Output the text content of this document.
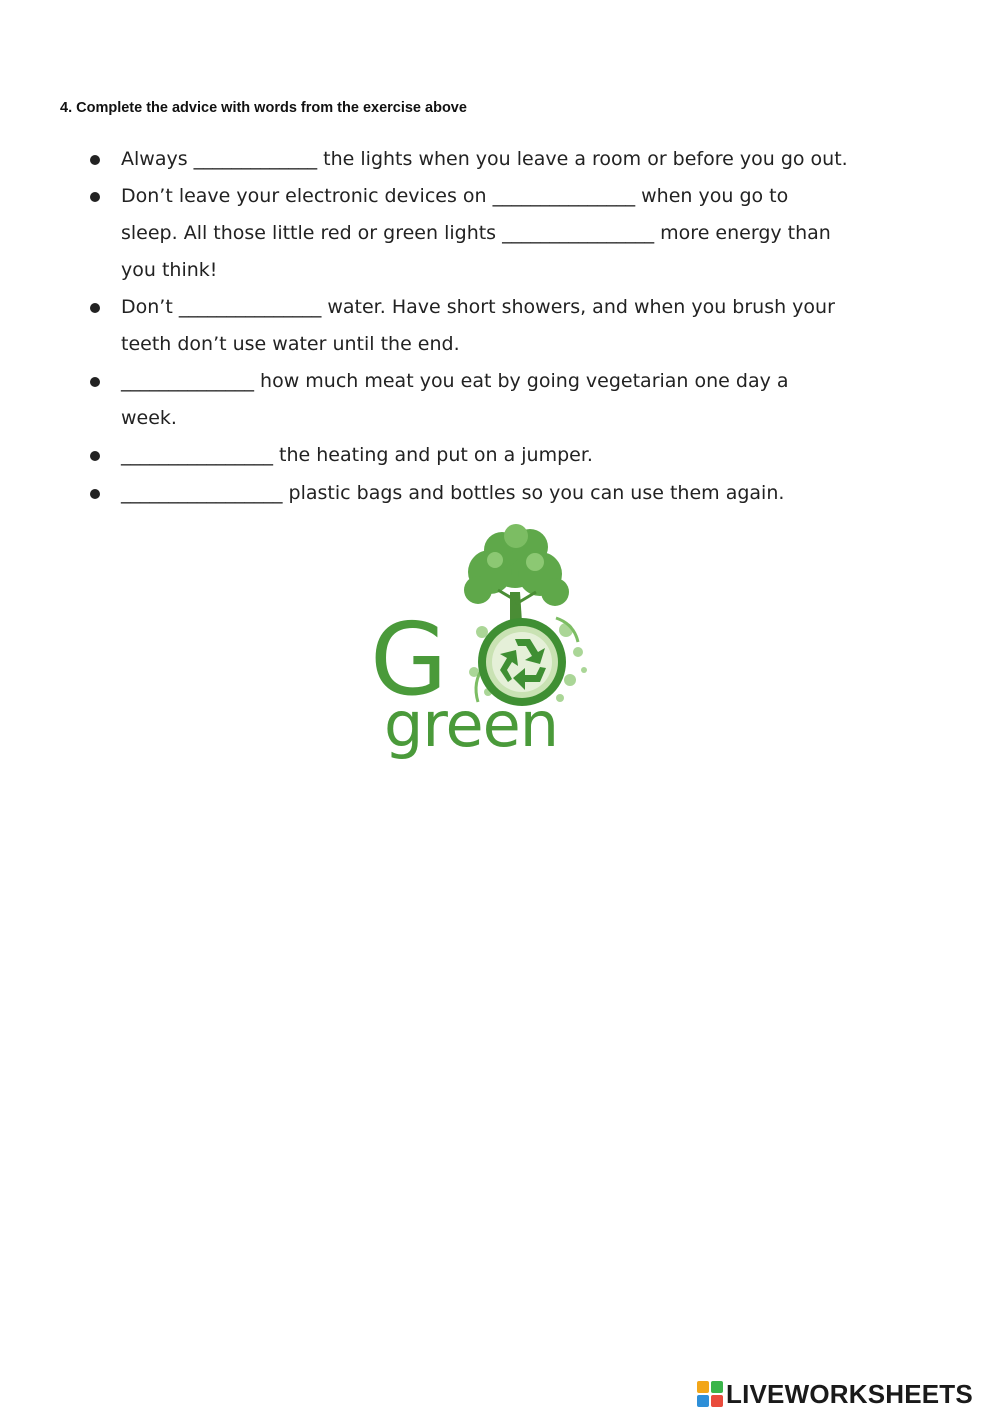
4. Complete the advice with words from the exercise above
Always _____________ the lights when you leave a room or before you go out.
Don’t leave your electronic devices on _______________ when you go to
sleep. All those little red or green lights ________________ more energy than
you think!
Don’t _______________ water. Have short showers, and when you brush your
teeth don’t use water until the end.
______________ how much meat you eat by going vegetarian one day a
week.
________________ the heating and put on a jumper.
_________________ plastic bags and bottles so you can use them again.
G
green
LIVEWORKSHEETS
